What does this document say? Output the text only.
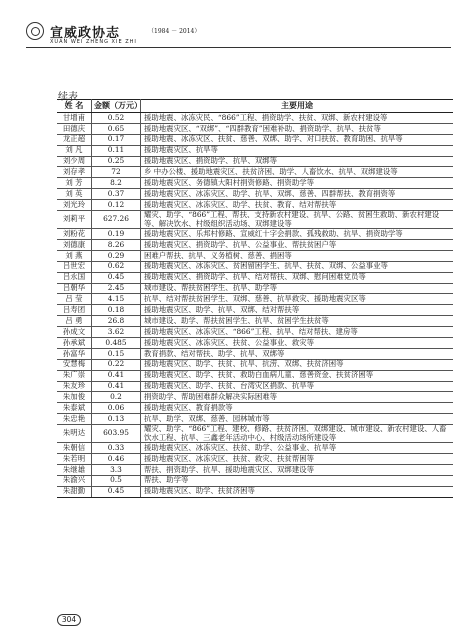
宣威政协志	（1984 － 2014）
XUAN WEI ZHENG XIE ZHI
续表
姓 名	金额（万元）	主要用途
甘增甫	0.52	援助地震、冰冻灾民、“866”工程、捐资助学、扶贫、双绑、新农村建设等
田德庆	0.65	援助地震灾区、“双绑”、“四群教育”困难补助、捐资助学、抗旱、扶贫等
龙正超	0.17	援助地震、冰冻灾区、扶贫、慈善、双绑、助学、对口扶贫、教育助困、抗旱等
刘 凡	0.11	援助地震灾区、抗旱等
刘少周	0.25	援助地震灾区、捐资助学、抗旱、双绑等
刘存孝	72	乡 中办公楼、援助地震灾区、扶贫济困、助学、人畜饮水、抗旱、双绑建设等
刘 芳	8.2	援助地震灾区、务德镇大阳村捐资修路、捐资助学等
刘 英	0.37	援助地震灾区、冰冻灾区、助学、抗旱、双绑、慈善、四群帮扶、教育捐资等
刘光玲	0.12	援助地震灾区、冰冻灾区、助学、扶贫、教育、结对帮扶等
刘莉平	627.26	耀灾、助学、“866”工程、帮扶、支持新农村建设、抗旱、公路、贫困生救助、新农村建设等、解决饮水、村级组织活动场、双绑建设等
刘粉花	0.19	援助地震灾区、乐邦村修路、宣威红十字会捐款、孤残救助、抗旱、捐资助学等
刘德康	8.26	援助地震灾区、捐资助学、抗旱、公益事业、帮扶贫困户等
刘 燕	0.29	困难户帮扶、抗旱、义务植树、慈善、捐困等
吕世宏	0.62	援助地震灾区、冰冻灾区、贫困留困学生、抗旱、扶贫、双绑、公益事业等
吕永国	0.45	援助地震灾区、捐资助学、抗旱、结对帮扶、双绑、慰问困难党员等
吕朝华	2.45	城市建设、帮扶贫困学生、抗旱、助学等
吕 莹	4.15	抗旱、结对帮扶贫困学生、双绑、慈善、抗旱救灾、援助地震灾区等
吕寿团	0.18	援助地震灾区、助学、抗旱、双绑、结对帮扶等
吕 勇	26.8	城市建设、助学、帮扶贫困学生、抗旱、贫困学生扶贫等
孙成文	3.62	援助地震灾区、冰冻灾区、“866”工程、抗旱、结对帮扶、建房等
孙承斌	0.485	援助地震灾区、冰冻灾区、扶贫、公益事业、救灾等
孙富华	0.15	教育捐款、结对帮扶、助学、抗旱、双绑等
安慧梅	0.22	援助地震灾区、助学、扶贫、抗旱、抗涝、双绑、扶贫济困等
朱广崇	0.41	援助地震灾区、助学、扶贫、救助白血病儿童、慈善资金、扶贫济困等
朱友珍	0.41	援助地震灾区、助学、扶贫、台湾灾区捐款、抗旱等
朱加俊	0.2	捐资助学、帮助困难群众解决实际困难等
朱泰斌	0.06	援助地震灾区、教育捐款等
朱忠艳	0.13	抗旱、助学、双绑、慈善、园林城市等
朱明达	603.95	耀灾、助学、“866”工程、建校、修路、扶贫济困、双绑建设、城市建设、新农村建设、人畜饮水工程、抗旱、三鑫老年活动中心、村级活动场所建设等
朱朝信	0.33	援助地震灾区、冰冻灾区、扶贫、助学、公益事业、抗旱等
朱若明	0.46	援助地震灾区、冰冻灾区、扶贫、救灾、扶贫帮困等
朱继雄	3.3	帮扶、捐资助学、抗旱、援助地震灾区、双绑建设等
朱渝兴	0.5	帮扶、助学等
朱甜勤	0.45	援助地震灾区、助学、扶贫济困等
304
